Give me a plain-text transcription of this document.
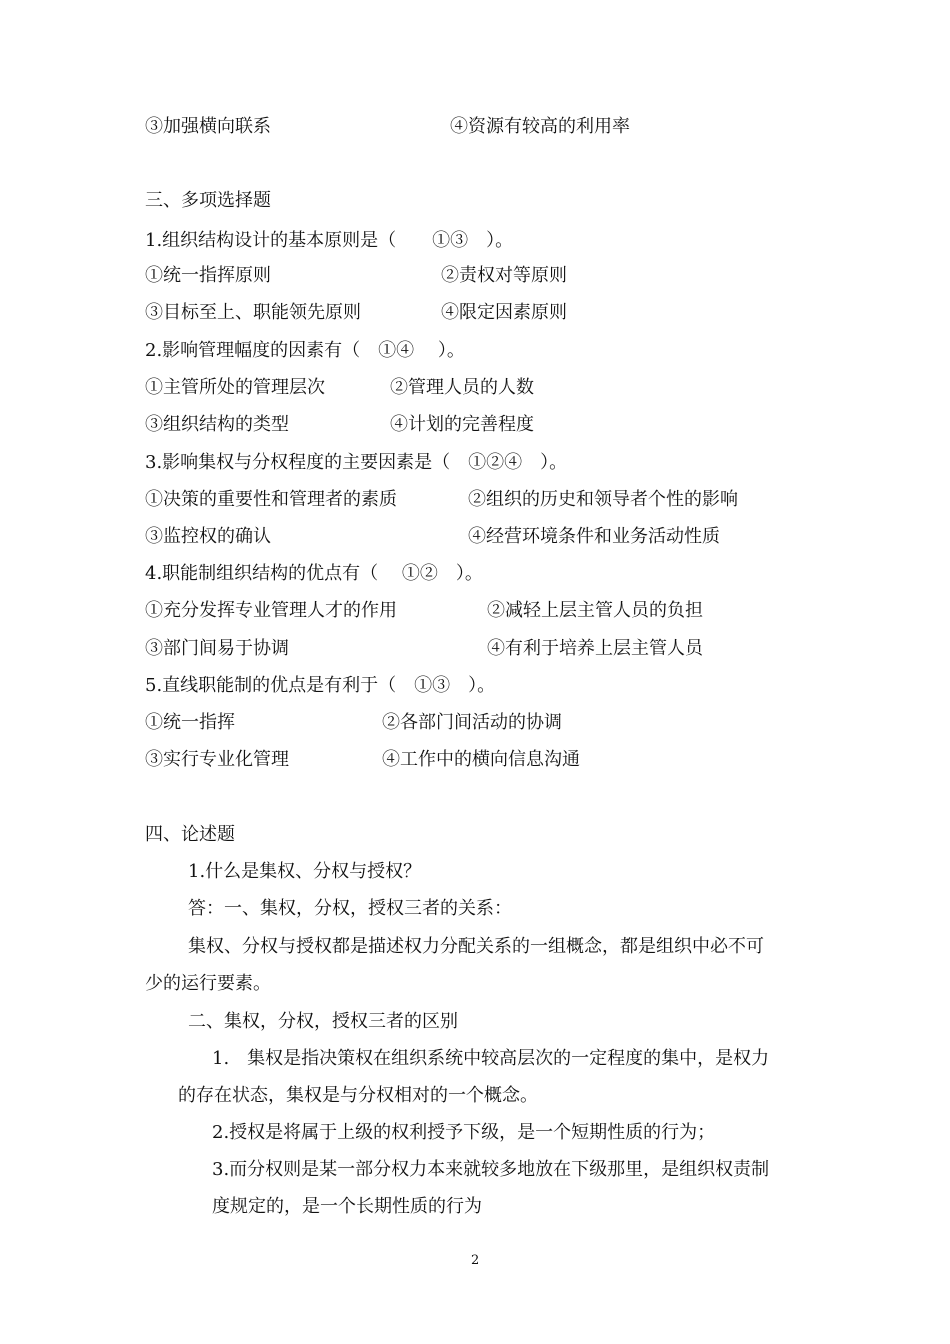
③加强横向联系	④资源有较高的利用率
三、多项选择题
1.组织结构设计的基本原则是（　　①③　）。
①统一指挥原则	②责权对等原则
③目标至上、职能领先原则	④限定因素原则
2.影响管理幅度的因素有（　①④　 ）。
①主管所处的管理层次	②管理人员的人数
③组织结构的类型	④计划的完善程度
3.影响集权与分权程度的主要因素是（　①②④　）。
①决策的重要性和管理者的素质	②组织的历史和领导者个性的影响
③监控权的确认	④经营环境条件和业务活动性质
4.职能制组织结构的优点有（　 ①②　）。
①充分发挥专业管理人才的作用	②减轻上层主管人员的负担
③部门间易于协调	④有利于培养上层主管人员
5.直线职能制的优点是有利于（　①③　）。
①统一指挥	②各部门间活动的协调
③实行专业化管理	④工作中的横向信息沟通
四、论述题
1.什么是集权、分权与授权？
答：一、集权，分权，授权三者的关系：
集权、分权与授权都是描述权力分配关系的一组概念，都是组织中必不可
少的运行要素。
二、集权，分权，授权三者的区别
1.　集权是指决策权在组织系统中较高层次的一定程度的集中，是权力
的存在状态，集权是与分权相对的一个概念。
2.授权是将属于上级的权利授予下级，是一个短期性质的行为；
3.而分权则是某一部分权力本来就较多地放在下级那里，是组织权责制
度规定的，是一个长期性质的行为
2
